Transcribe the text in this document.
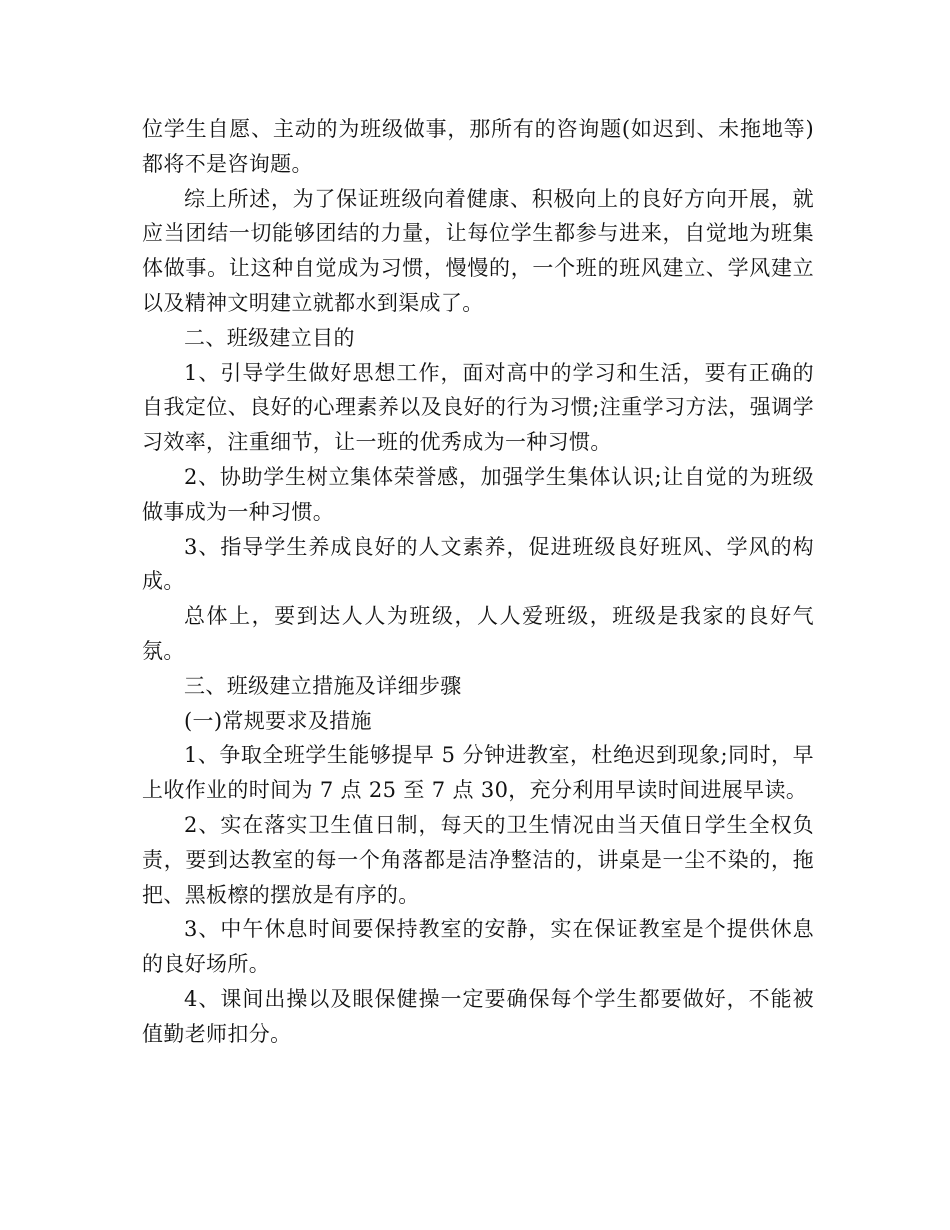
位学生自愿、主动的为班级做事，那所有的咨询题(如迟到、未拖地等)都将不是咨询题。

综上所述，为了保证班级向着健康、积极向上的良好方向开展，就应当团结一切能够团结的力量，让每位学生都参与进来，自觉地为班集体做事。让这种自觉成为习惯，慢慢的，一个班的班风建立、学风建立以及精神文明建立就都水到渠成了。

二、班级建立目的

1、引导学生做好思想工作，面对高中的学习和生活，要有正确的自我定位、良好的心理素养以及良好的行为习惯;注重学习方法，强调学习效率，注重细节，让一班的优秀成为一种习惯。

2、协助学生树立集体荣誉感，加强学生集体认识;让自觉的为班级做事成为一种习惯。

3、指导学生养成良好的人文素养，促进班级良好班风、学风的构成。

总体上，要到达人人为班级，人人爱班级，班级是我家的良好气氛。

三、班级建立措施及详细步骤

(一)常规要求及措施

1、争取全班学生能够提早 5 分钟进教室，杜绝迟到现象;同时，早上收作业的时间为 7 点 25 至 7 点 30，充分利用早读时间进展早读。

2、实在落实卫生值日制，每天的卫生情况由当天值日学生全权负责，要到达教室的每一个角落都是洁净整洁的，讲桌是一尘不染的，拖把、黑板檫的摆放是有序的。

3、中午休息时间要保持教室的安静，实在保证教室是个提供休息的良好场所。

4、课间出操以及眼保健操一定要确保每个学生都要做好，不能被值勤老师扣分。
